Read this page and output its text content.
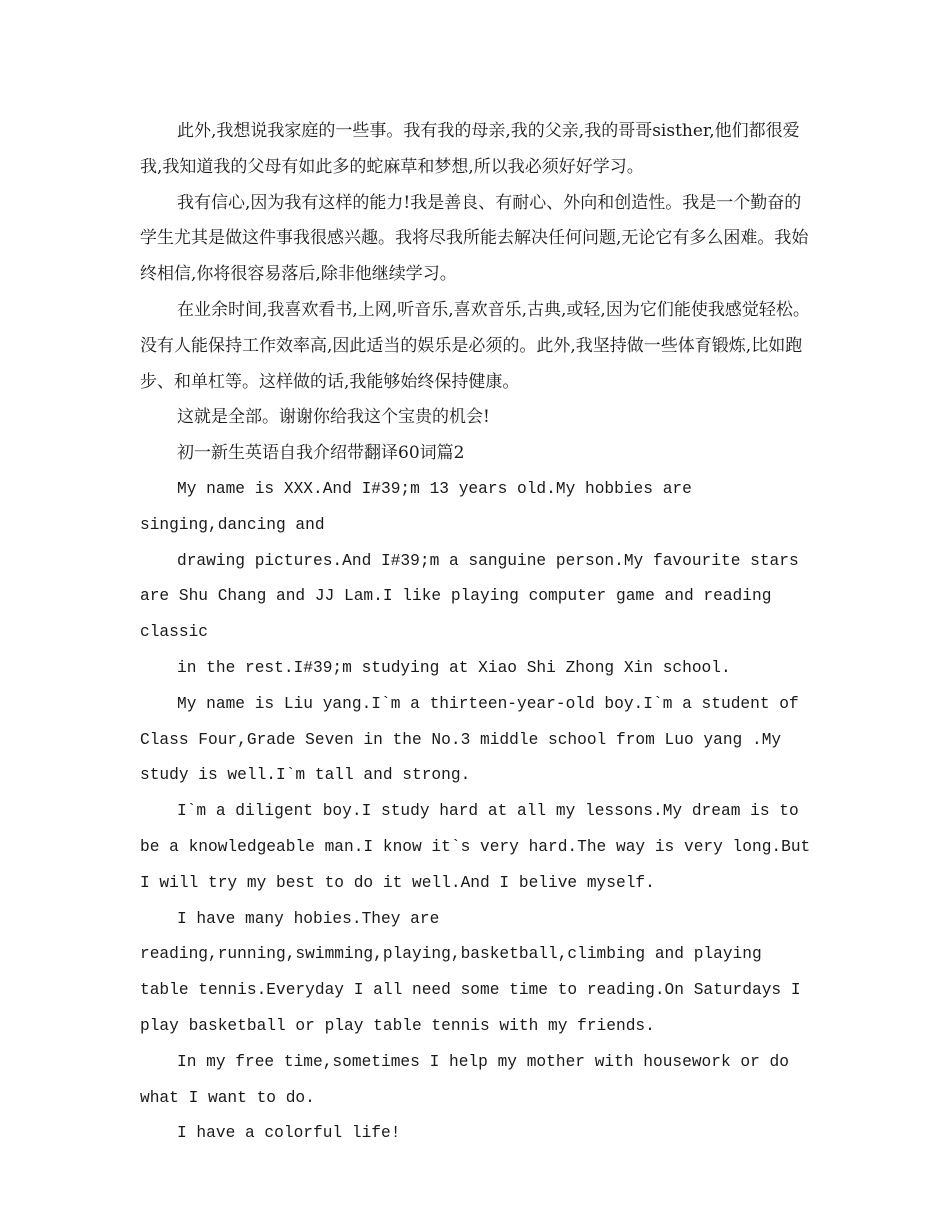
此外,我想说我家庭的一些事。我有我的母亲,我的父亲,我的哥哥sisther,他们都很爱我,我知道我的父母有如此多的蛇麻草和梦想,所以我必须好好学习。

我有信心,因为我有这样的能力!我是善良、有耐心、外向和创造性。我是一个勤奋的学生尤其是做这件事我很感兴趣。我将尽我所能去解决任何问题,无论它有多么困难。我始终相信,你将很容易落后,除非他继续学习。

在业余时间,我喜欢看书,上网,听音乐,喜欢音乐,古典,或轻,因为它们能使我感觉轻松。没有人能保持工作效率高,因此适当的娱乐是必须的。此外,我坚持做一些体育锻炼,比如跑步、和单杠等。这样做的话,我能够始终保持健康。

这就是全部。谢谢你给我这个宝贵的机会!

初一新生英语自我介绍带翻译60词篇2

My name is XXX.And I#39;m 13 years old.My hobbies are

singing,dancing and

drawing pictures.And I#39;m a sanguine person.My favourite stars are Shu Chang and JJ Lam.I like playing computer game and reading classic

in the rest.I#39;m studying at Xiao Shi Zhong Xin school.

My name is Liu yang.I`m a thirteen-year-old boy.I`m a student of Class Four,Grade Seven in the No.3 middle school from Luo yang .My study is well.I`m tall and strong.

I`m a diligent boy.I study hard at all my lessons.My dream is to be a knowledgeable man.I know it`s very hard.The way is very long.But I will try my best to do it well.And I belive myself.

I have many hobies.They are

reading,running,swimming,playing,basketball,climbing and playing table tennis.Everyday I all need some time to reading.On Saturdays I play basketball or play table tennis with my friends.

In my free time,sometimes I help my mother with housework or do what I want to do.

I have a colorful life!
